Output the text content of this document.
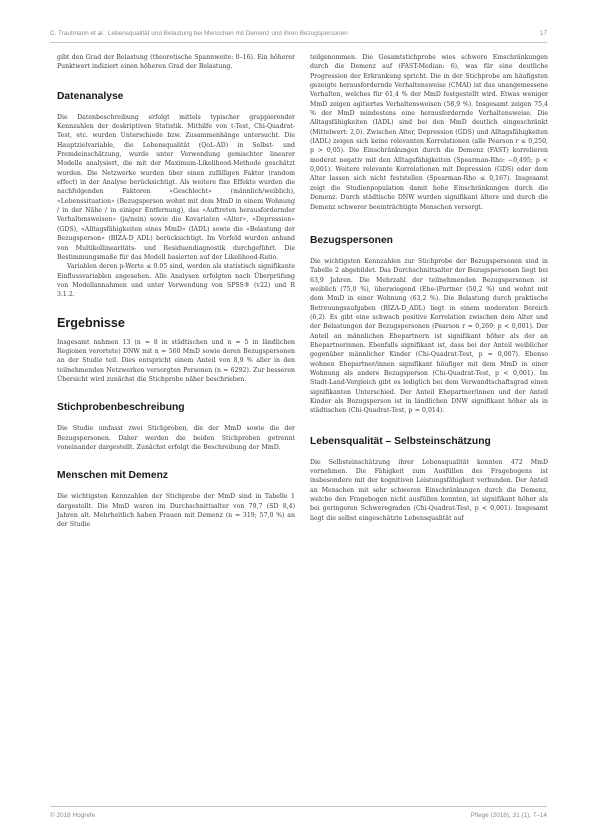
C. Trautmann et al.: Lebensqualität und Belastung bei Menschen mit Demenz und ihren Bezugspersonen	17

gibt den Grad der Belastung (theoretische Spannweite: 0–16). Ein höherer Punktwert indiziert einen höheren Grad der Belastung.

Datenanalyse

Die Datenbeschreibung erfolgt mittels typischer gruppierender Kennzahlen der deskriptiven Statistik. Mithilfe von t-Test, Chi-Quadrat-Test, etc. wurden Unterschiede bzw. Zusammenhänge untersucht. Die Hauptzielvariable, die Lebensqualität (QoL-AD) in Selbst- und Fremdeinschätzung, wurde unter Verwendung gemischter linearer Modelle analysiert, die mit der Maximum-Likelihood-Methode geschätzt wurden. Die Netzwerke wurden über einen zufälligen Faktor (random effect) in der Analyse berücksichtigt. Als weitere fixe Effekte wurden die nachfolgenden Faktoren «Geschlecht» (männlich/weiblich), «Lebenssituation» (Bezugsperson wohnt mit dem MmD in einem Wohnung / in der Nähe / in einiger Entfernung), das «Auftreten herausfordernder Verhaltensweisen» (ja/nein) sowie die Kovariaten «Alter», «Depression» (GDS), «Alltagsfähigkeiten eines MmD» (IADL) sowie die «Belastung der Bezugsperson» (BIZA-D_ADL) berücksichtigt. Im Vorfeld wurden anhand von Multikollinearitäts- und Residuendiagnostik durchgeführt. Die Bestimmungsmaße für das Modell basierten auf der Likelihood-Ratio.

Variablen deren p-Werte ≤ 0.05 sind, werden als statistisch signifikante Einflussvariablen angesehen. Alle Analysen erfolgten nach Überprüfung von Modellannahmen und unter Verwendung von SPSS® (v22) und R 3.1.2.

Ergebnisse

Insgesamt nahmen 13 (n = 8 in städtischen und n = 5 in ländlichen Regionen verortete) DNW mit n = 560 MmD sowie deren Bezugspersonen an der Studie teil. Dies entspricht einem Anteil von 8,9 % aller in den teilnehmenden Netzwerken versorgten Personen (n = 6292). Zur besseren Übersicht wird zunächst die Stichprobe näher beschrieben.

Stichprobenbeschreibung

Die Studie umfasst zwei Stichproben, die der MmD sowie die der Bezugspersonen. Daher werden die beiden Stichproben getrennt voneinander dargestellt. Zunächst erfolgt die Beschreibung der MmD.

Menschen mit Demenz

Die wichtigsten Kennzahlen der Stichprobe der MmD sind in Tabelle 1 dargestellt. Die MmD waren im Durchschnittsalter von 79,7 (SD 8,4) Jahren alt. Mehrheitlich haben Frauen mit Demenz (n = 319; 57,0 %) an der Studie

teilgenommen. Die Gesamtstichprobe wies schwere Einschränkungen durch die Demenz auf (FAST-Median: 6), was für eine deutliche Progression der Erkrankung spricht. Die in der Stichprobe am häufigsten gezeigte herausfordernde Verhaltensweise (CMAI) ist das unangemessene Verhalten, welches für 61,4 % der MmD festgestellt wird. Etwas weniger MmD zeigen agitiertes Verhaltensweisen (58,9 %). Insgesamt zeigen 75,4 % der MmD mindestens eine herausfordernde Verhaltensweise. Die Alltagsfähigkeiten (IADL) sind bei den MmD deutlich eingeschränkt (Mittelwert: 2,0). Zwischen Alter, Depression (GDS) und Alltagsfähigkeiten (IADL) zeigen sich keine relevanten Korrelationen (alle Pearson r ≤ 0,250, p > 0,05). Die Einschränkungen durch die Demenz (FAST) korrelieren moderat negativ mit den Alltagsfähigkeiten (Spearman-Rho: −0,495; p < 0,001). Weitere relevante Korrelationen mit Depression (GDS) oder dem Alter lassen sich nicht feststellen (Spearman-Rho ≤ 0,167). Insgesamt zeigt die Studienpopulation damit hohe Einschränkungen durch die Demenz. Durch städtische DNW wurden signifikant ältere und durch die Demenz schwerer beeinträchtigte Menschen versorgt.

Bezugspersonen

Die wichtigsten Kennzahlen zur Stichprobe der Bezugspersonen sind in Tabelle 2 abgebildet. Das Durchschnittsalter der Bezugspersonen liegt bei 63,9 Jahren. Die Mehrzahl der teilnehmenden Bezugspersonen ist weiblich (75,0 %), überwiegend (Ehe-)Partner (50,2 %) und wohnt mit dem MmD in einer Wohnung (63,2 %). Die Belastung durch praktische Betreuungsaufgaben (BIZA-D_ADL) liegt in einem moderaten Bereich (6,2). Es gibt eine schwach positive Korrelation zwischen dem Alter und der Belastungen der Bezugspersonen (Pearson r = 0,269; p < 0,001). Der Anteil an männlichen Ehepartnern ist signifikant höher als der an Ehepartnerinnen. Ebenfalls signifikant ist, dass bei der Anteil weiblicher gegenüber männlicher Kinder (Chi-Quadrat-Test, p = 0,007). Ebenso wohnen Ehepartner/innen signifikant häufiger mit dem MmD in einer Wohnung als andere Bezugsperson (Chi-Quadrat-Test, p < 0,001). Im Stadt-Land-Vergleich gibt es lediglich bei dem Verwandtschaftsgrad einen signifikanten Unterschied. Der Anteil Ehepartner/innen und der Anteil Kinder als Bezugsperson ist in ländlichen DNW signifikant höher als in städtischen (Chi-Quadrat-Test, p = 0,014).

Lebensqualität – Selbsteinschätzung

Die Selbsteinschätzung ihrer Lebensqualität konnten 472 MmD vornehmen. Die Fähigkeit zum Ausfüllen des Fragebogens ist insbesondere mit der kognitiven Leistungsfähigkeit verbunden. Der Anteil an Menschen mit sehr schweren Einschränkungen durch die Demenz, welche den Fragebogen nicht ausfüllen konnten, ist signifikant höher als bei geringeren Schweregraden (Chi-Quadrat-Test, p < 0,001). Insgesamt liegt die selbst eingeschätzte Lebensqualität auf

© 2018 Hogrefe	Pflege (2018), 31 (1), 7–14
